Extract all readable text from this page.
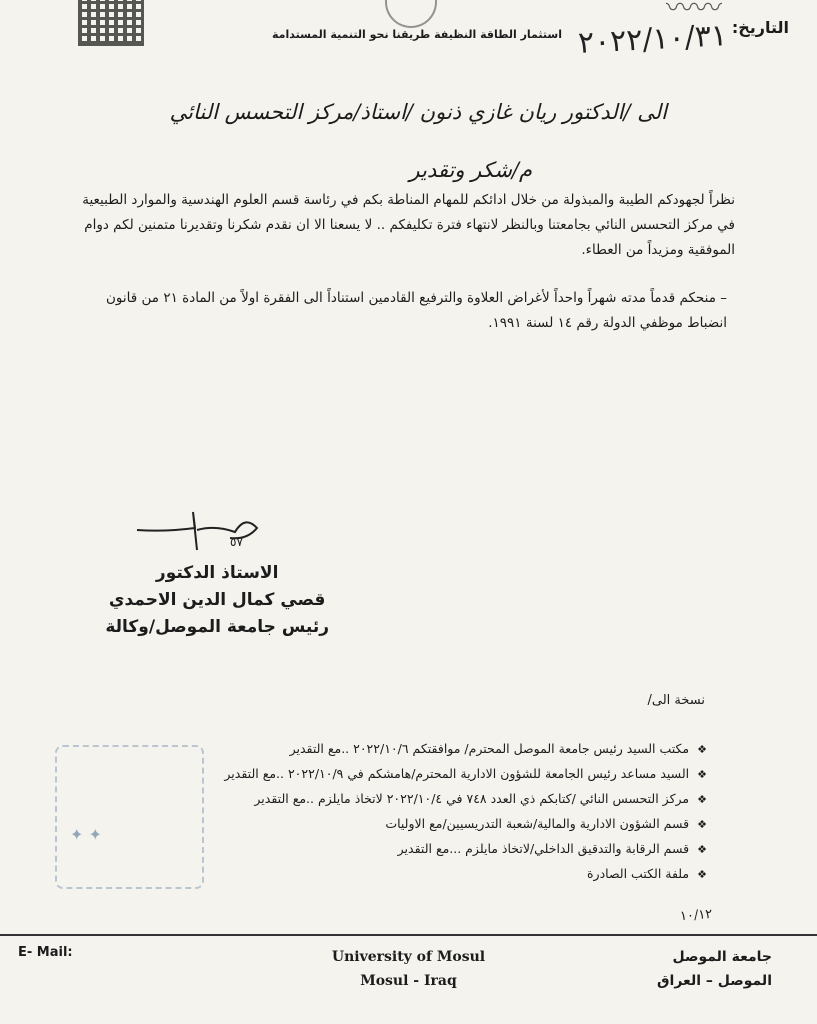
〰〰
التاريخ:
٢٠٢٢/١٠/٣١
استثمار الطاقة النظيفة طريقنا نحو التنمية المستدامة
الى /الدكتور ريان غازي ذنون /استاذ/مركز التحسس النائي
م/شكر وتقدير
نظراً لجهودكم الطيبة والمبذولة من خلال ادائكم للمهام المناطة بكم في رئاسة قسم العلوم الهندسية والموارد الطبيعية في مركز التحسس النائي بجامعتنا وبالنظر لانتهاء فترة تكليفكم .. لا يسعنا الا ان نقدم شكرنا وتقديرنا متمنين لكم دوام الموفقية ومزيداً من العطاء.
– منحكم قدماً مدته شهراً واحداً لأغراض العلاوة والترفيع القادمين استناداً الى الفقرة اولاً من المادة ٢١ من قانون انضباط موظفي الدولة رقم ١٤ لسنة ١٩٩١.
٥٧
الاستاذ الدكتور
قصي كمال الدين الاحمدي
رئيس جامعة الموصل/وكالة
نسخة الى/
✦ ✦
❖ مكتب السيد رئيس جامعة الموصل المحترم/ موافقتكم ٢٠٢٢/١٠/٦ ..مع التقدير
❖ السيد مساعد رئيس الجامعة للشؤون الادارية المحترم/هامشكم في ٢٠٢٢/١٠/٩ ..مع التقدير
❖ مركز التحسس النائي /كتابكم ذي العدد ٧٤٨ في ٢٠٢٢/١٠/٤ لاتخاذ مايلزم ..مع التقدير
❖ قسم الشؤون الادارية والمالية/شعبة التدريسيين/مع الاوليات
❖ قسم الرقابة والتدقيق الداخلي/لاتخاذ مايلزم ...مع التقدير
❖ ملفة الكتب الصادرة
١٠/١٢
E- Mail:	University of Mosul
Mosul - Iraq
جامعة الموصل
الموصل – العراق
